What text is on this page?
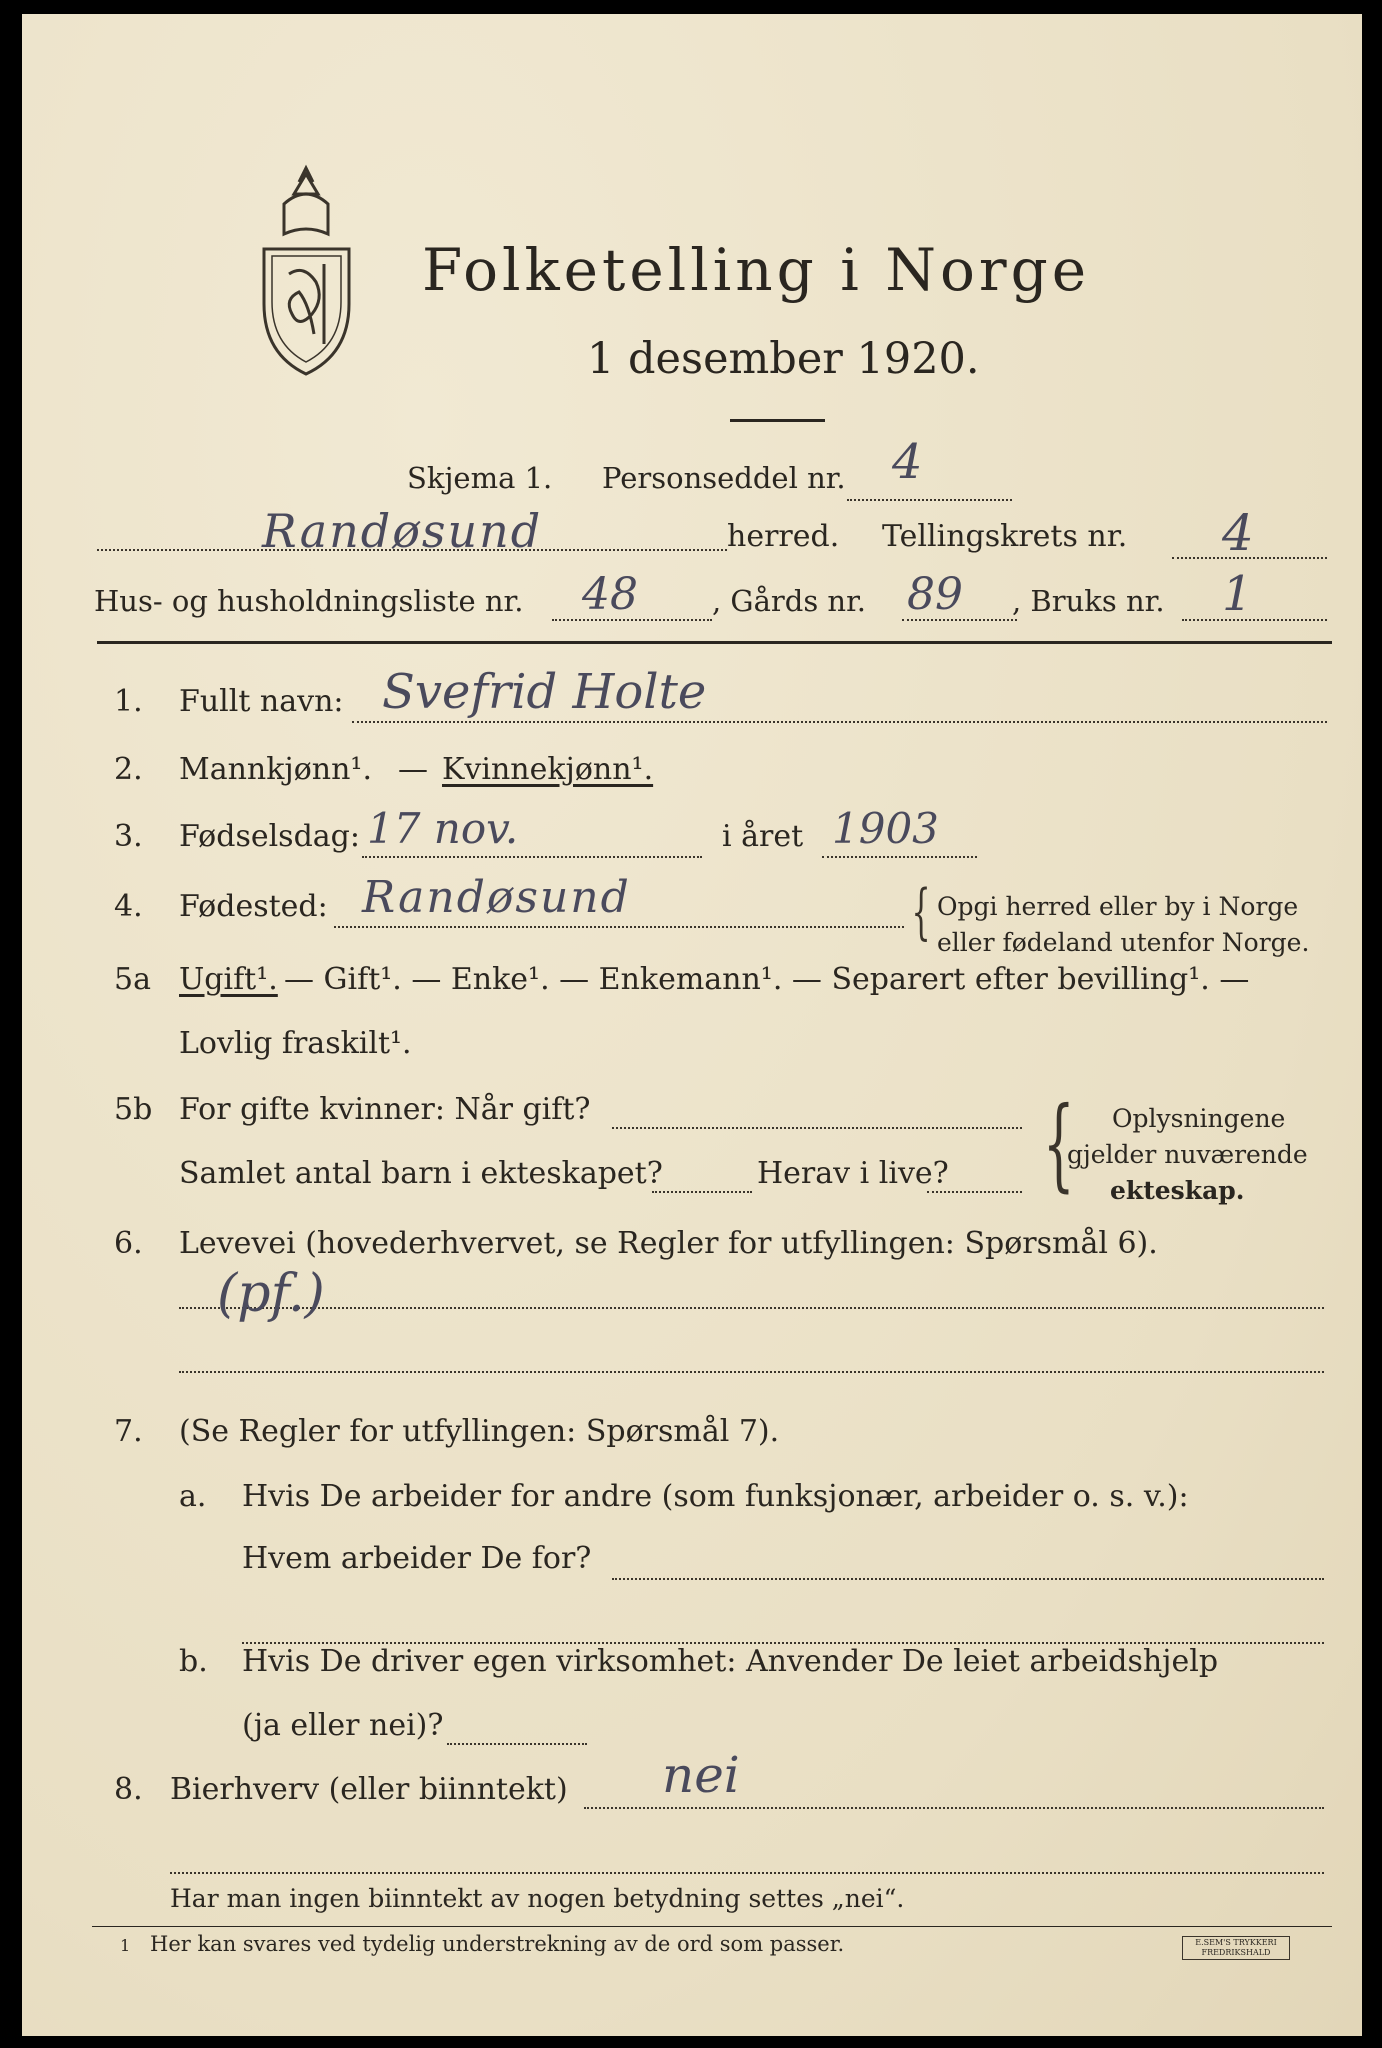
Folketelling i Norge
1 desember 1920.
Skjema 1. Personseddel nr. 4
Randøsund	herred. Tellingskrets nr. 4
Hus- og husholdningsliste nr. 48	, Gårds nr. 89 , Bruks nr. 1
1. Fullt navn: Svefrid Holte
2. Mannkjønn¹. — Kvinnekjønn¹.
3. Fødselsdag: 17 nov.	i året 1903
4. Fødested: Randøsund	{ Opgi herred eller by i Norge
eller fødeland utenfor Norge.
5a Ugift¹. — Gift¹. — Enke¹. — Enkemann¹. — Separert efter bevilling¹. —
Lovlig fraskilt¹.
5b For gifte kvinner: Når gift?
Samlet antal barn i ekteskapet?	Herav i live? { Oplysningene
gjelder nuværende
ekteskap.
6. Levevei (hovederhvervet, se Regler for utfyllingen: Spørsmål 6).
(pf.)
7. (Se Regler for utfyllingen: Spørsmål 7).
a. Hvis De arbeider for andre (som funksjonær, arbeider o. s. v.):
Hvem arbeider De for?
b. Hvis De driver egen virksomhet: Anvender De leiet arbeidshjelp
(ja eller nei)?
8. Bierhverv (eller biinntekt) nei
Har man ingen biinntekt av nogen betydning settes „nei“.
1 Her kan svares ved tydelig understrekning av de ord som passer.	E.SEM'S TRYKKERI FREDRIKSHALD
